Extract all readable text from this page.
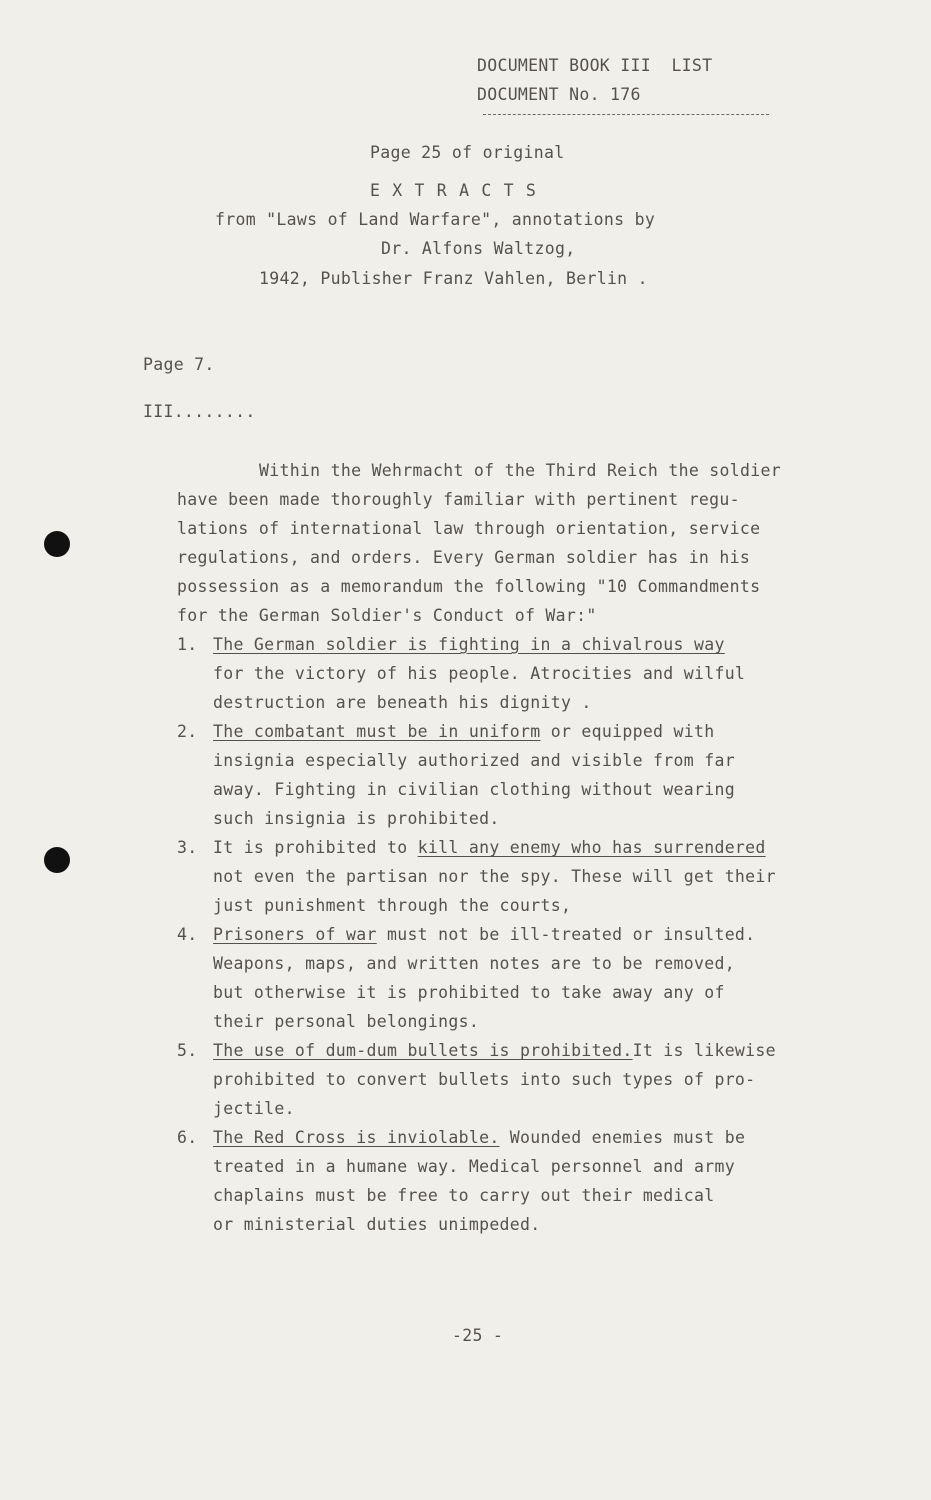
DOCUMENT BOOK III  LIST
DOCUMENT No. 176
Page 25 of original
E X T R A C T S
from "Laws of Land Warfare", annotations by
Dr. Alfons Waltzog,
1942, Publisher Franz Vahlen, Berlin .
Page 7.
III........
Within the Wehrmacht of the Third Reich the soldier
have been made thoroughly familiar with pertinent regu-
lations of international law through orientation, service
regulations, and orders. Every German soldier has in his
possession as a memorandum the following "10 Commandments
for the German Soldier's Conduct of War:"
1. The German soldier is fighting in a chivalrous way
for the victory of his people. Atrocities and wilful
destruction are beneath his dignity .
2. The combatant must be in uniform or equipped with
insignia especially authorized and visible from far
away. Fighting in civilian clothing without wearing
such insignia is prohibited.
3. It is prohibited to kill any enemy who has surrendered
not even the partisan nor the spy. These will get their
just punishment through the courts,
4. Prisoners of war must not be ill-treated or insulted.
Weapons, maps, and written notes are to be removed,
but otherwise it is prohibited to take away any of
their personal belongings.
5. The use of dum-dum bullets is prohibited.It is likewise
prohibited to convert bullets into such types of pro-
jectile.
6. The Red Cross is inviolable. Wounded enemies must be
treated in a humane way. Medical personnel and army
chaplains must be free to carry out their medical
or ministerial duties unimpeded.
-25 -
